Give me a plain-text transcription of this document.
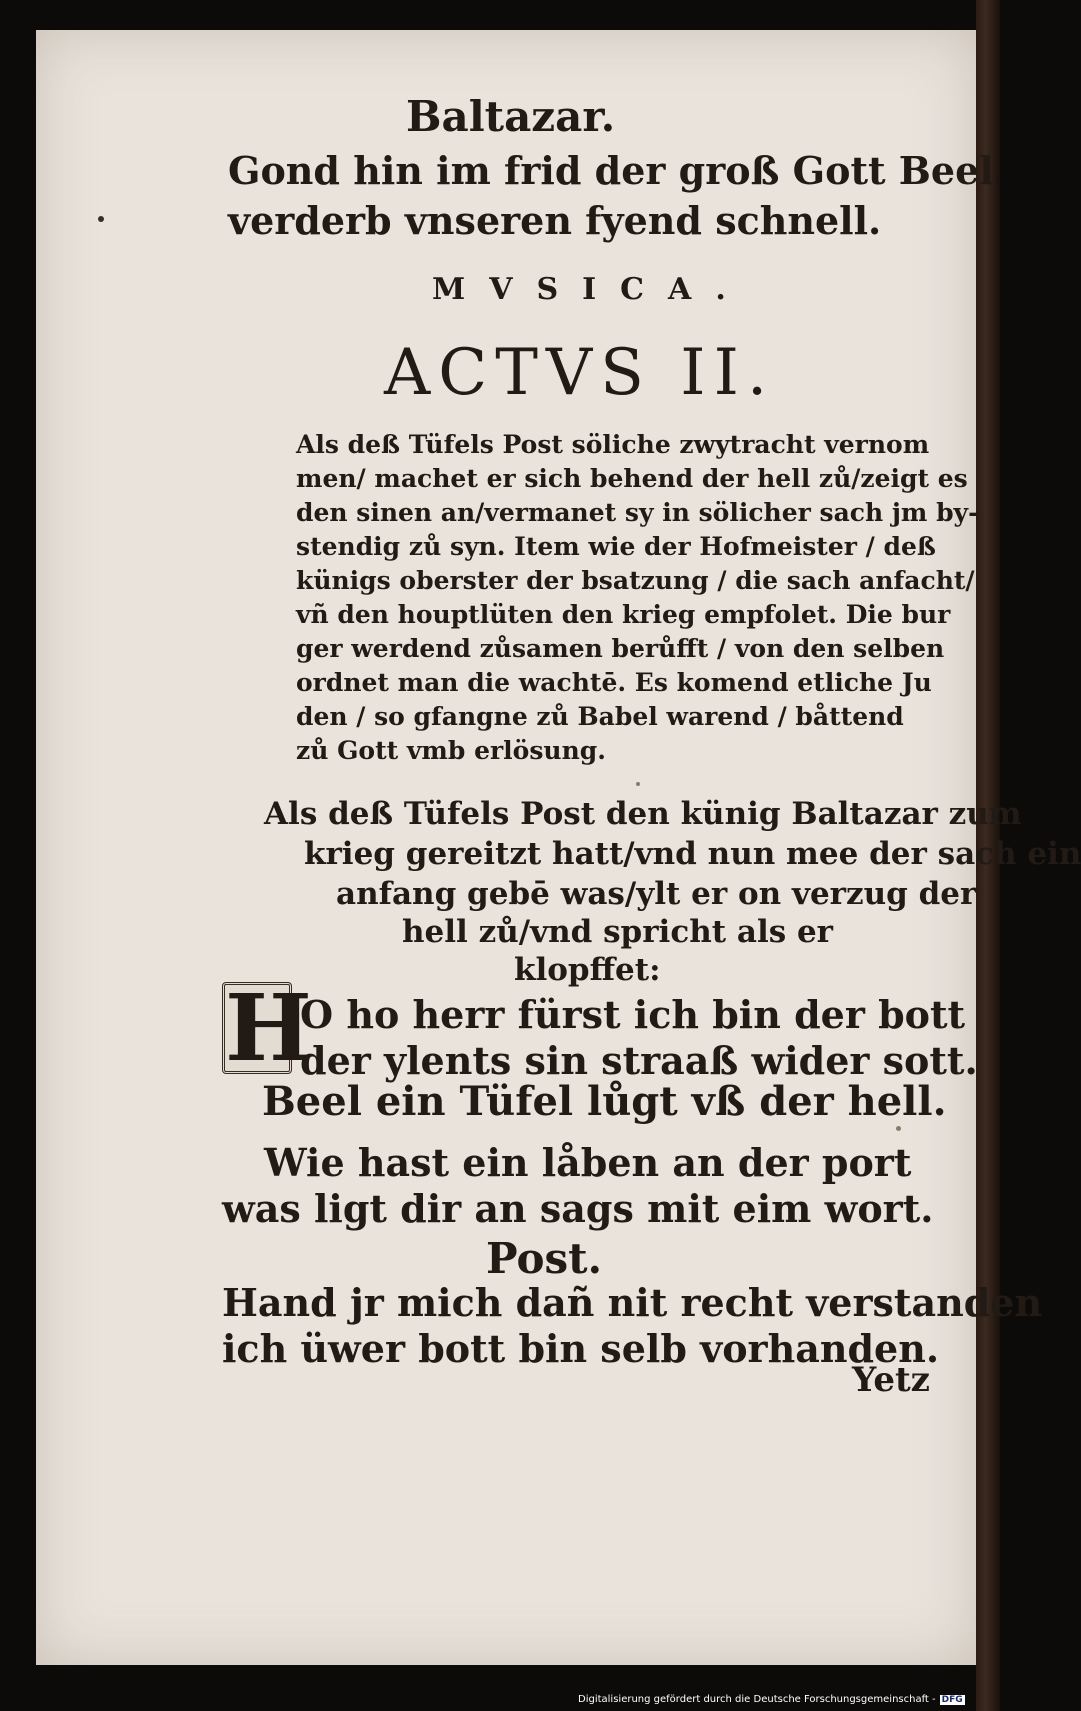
Baltazar.
Gond hin im frid der groß Gott Beel
verderb vnseren fyend schnell.
MVSICA.
ACTVS II.
Als deß Tüfels Post söliche zwytracht vernom
men/ machet er sich behend der hell zů/zeigt es
den sinen an/vermanet sy in sölicher sach jm by-
stendig zů syn. Item wie der Hofmeister / deß
künigs oberster der bsatzung / die sach anfacht/
vñ den houptlüten den krieg empfolet. Die bur
ger werdend zůsamen berůfft / von den selben
ordnet man die wachtē. Es komend etliche Ju
den / so gfangne zů Babel warend / båttend
zů Gott vmb erlösung.
Als deß Tüfels Post den künig Baltazar zum
krieg gereitzt hatt/vnd nun mee der sach ein
anfang gebē was/ylt er on verzug der
hell zů/vnd spricht als er
klopffet:
H
O ho herr fürst ich bin der bott
der ylents sin straaß wider sott.
Beel ein Tüfel lůgt vß der hell.
Wie hast ein låben an der port
was ligt dir an sags mit eim wort.
Post.
Hand jr mich dañ nit recht verstanden
ich üwer bott bin selb vorhanden.
Yetz
Digitalisierung gefördert durch die Deutsche Forschungsgemeinschaft - DFG
